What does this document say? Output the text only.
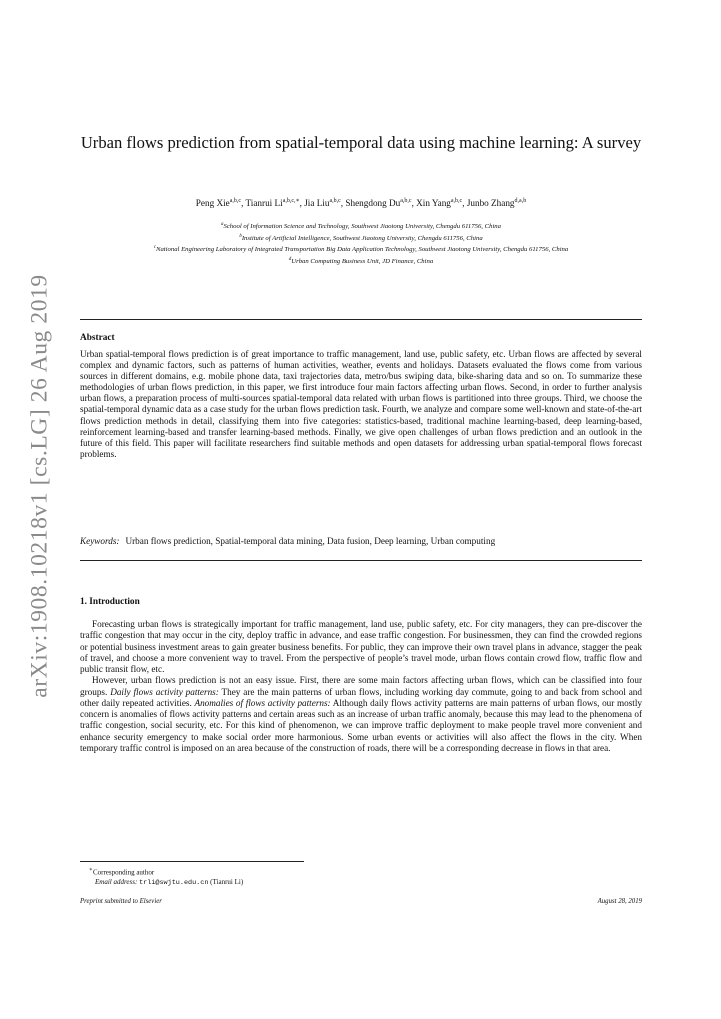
arXiv:1908.10218v1 [cs.LG] 26 Aug 2019
Urban flows prediction from spatial-temporal data using machine learning: A survey
Peng Xie$^{a,b,c}$, Tianrui $Li^{a,b,c,∗}$, Jia Liu$^{a,b,c}$, Shengdong Du$^{a,b,c}$, Xin Yang$^{a,b,c}$, Junbo Zhang$^{d,a,b}$
$^a$School of Information Science and Technology, Southwest Jiaotong University, Chengdu 611756, China
$^b$Institute of Artificial Intelligence, Southwest Jiaotong University, Chengdu 611756, China
$^c$National Engineering Laboratory of Integrated Transportation Big Data Application Technology, Southwest Jiaotong University, Chengdu 611756, China
$^d$Urban Computing Business Unit, JD Finance, China
Abstract
Urban spatial-temporal flows prediction is of great importance to traffic management, land use, public safety, etc. Urban flows are affected by several complex and dynamic factors, such as patterns of human activities, weather, events and holidays. Datasets evaluated the flows come from various sources in different domains, e.g. mobile phone data, taxi trajectories data, metro/bus swiping data, bike-sharing data and so on. To summarize these methodologies of urban flows prediction, in this paper, we first introduce four main factors affecting urban flows. Second, in order to further analysis urban flows, a preparation process of multi-sources spatial-temporal data related with urban flows is partitioned into three groups. Third, we choose the spatial-temporal dynamic data as a case study for the urban flows prediction task. Fourth, we analyze and compare some well-known and state-of-the-art flows prediction methods in detail, classifying them into five categories: statistics-based, traditional machine learning-based, deep learning-based, reinforcement learning-based and transfer learning-based methods. Finally, we give open challenges of urban flows prediction and an outlook in the future of this field. This paper will facilitate researchers find suitable methods and open datasets for addressing urban spatial-temporal flows forecast problems.
Keywords: Urban flows prediction, Spatial-temporal data mining, Data fusion, Deep learning, Urban computing
1. Introduction

Forecasting urban flows is strategically important for traffic management, land use, public safety, etc. For city managers, they can pre-discover the traffic congestion that may occur in the city, deploy traffic in advance, and ease traffic congestion. For businessmen, they can find the crowded regions or potential business investment areas to gain greater business benefits. For public, they can improve their own travel plans in advance, stagger the peak of travel, and choose a more convenient way to travel. From the perspective of people’s travel mode, urban flows contain crowd flow, traffic flow and public transit flow, etc.

However, urban flows prediction is not an easy issue. First, there are some main factors affecting urban flows, which can be classified into four groups. Daily flows activity patterns: They are the main patterns of urban flows, including working day commute, going to and back from school and other daily repeated activities. Anomalies of flows activity patterns: Although daily flows activity patterns are main patterns of urban flows, our mostly concern is anomalies of flows activity patterns and certain areas such as an increase of urban traffic anomaly, because this may lead to the phenomena of traffic congestion, social security, etc. For this kind of phenomenon, we can improve traffic deployment to make people travel more convenient and enhance security emergency to make social order more harmonious. Some urban events or activities will also affect the flows in the city. When temporary traffic control is imposed on an area because of the construction of roads, there will be a corresponding decrease in flows in that area.

∗Corresponding author
Email address: trli@swjtu.edu.cn (Tianrui Li)
Preprint submitted to Elsevier	August 28, 2019
